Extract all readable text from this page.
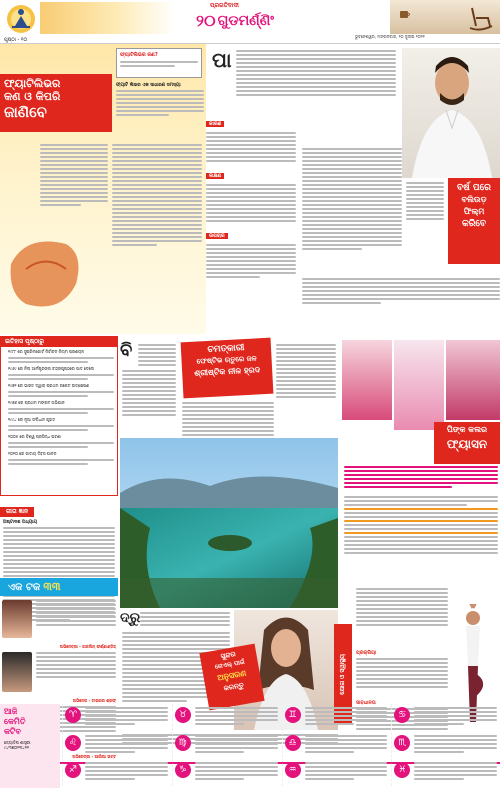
ପୃଷ୍ଠା - ୧୦
ପ୍ରଗତିବାଦୀ
୨୦ ଗୁଡମର୍ଣ୍ଣିଂ
ଭୁବନେଶ୍ୱର, ମଙ୍ଗଳବାର, ୨୦ ଜୁଲାଇ ୨୦୨୧
ଫ୍ୟାଟିଲିଭର
କଣ ଓ କିପରି
ଜାଣିବେ
ଫ୍ୟାଟିଲିଭର କଣ?
ଫ୍ୟାଟି ଲିଭର ଏକ ସାଧାରଣ ସମସ୍ୟା
କାରଣ
ଲକ୍ଷଣ
ଉପଚାର
ପା
ବର୍ଷ ପରେ
ବଲିଉଡ଼ ଫିଲ୍ମ
କରିବେ
ଇତିହାସ ପୃଷ୍ଠାରୁ
୧୯୮୮ ରେ ସୁପ୍ରିମକୋର୍ଟ ନିର୍ବାଚନ ନିୟମ ପ୍ରଣୟନ
୧୯୬୯ ରେ ନିଲ୍ ଆର୍ମଷ୍ଟ୍ରଙ୍ଗ ଚନ୍ଦ୍ରପୃଷ୍ଠରେ ପାଦ ଦେଲେ
୧୯୭୨ ରେ ଭାରତ ଦ୍ୱାରା ପ୍ରଥମ ରକେଟ ଉତ୍କ୍ଷେପଣ
୧୯୭୬ ରେ ପ୍ରଥମ ମଙ୍ଗଳ ଅଭିଯାନ
୧୯୯୪ ରେ ନୂଆ ସଂବିଧାନ ଗୃହୀତ
୨୦୦୫ ରେ ବିଶ୍ୱ ପ୍ରସିଦ୍ଧ ଘଟଣା
୨୦୧୦ ରେ ଜାତୀୟ ଦିବସ ପାଳନ
ଗୀତା ଜ୍ଞାନ
ଅଷ୍ଟାଦଶ ଅଧ୍ୟାୟ
ଏକ ଟକ ୩୩
ଅଭିନେତ୍ରୀ - ଜାକଲିନ୍ ଫର୍ଣ୍ଣାଣ୍ଡିଜ୍
ଅଭିନେତା - ଟାଇଗର ଶ୍ରଫ୍
ଅଭିନେତ୍ରୀ - ଆଲିଆ ଭଟ୍ଟ
ବି	ଚମତ୍କାରୀ
ଫେଷ୍ଟିଭ ଋତୁରେ ଜଳ
ଶ୍ରୀଷ୍ଟିକ ନୀଳ ହ୍ରଦ
ପିଙ୍କ କଲର
ଫ୍ୟାସନ
ଦ୍ରୁ
ସୁନ୍ଦର
ନୋଏଲ୍ ପାଇଁ
ଅନୁସରଣ
କରନ୍ତୁ	ଯୋଗ ଓ ସ୍ୱାସ୍ଥ୍ୟ
ପ୍ରକ୍ରିୟା
ସାବଧାନତା
ଆଜି
କେମିତି
କଟିବ
ଜ୍ୟୋତିଷ ଶାସ୍ତ୍ରୀ
୯୪୩୭୦୨୩୪୧୧
♈	♉	♊	♋
♌	♍	♎	♏
♐	♑	♒	♓
